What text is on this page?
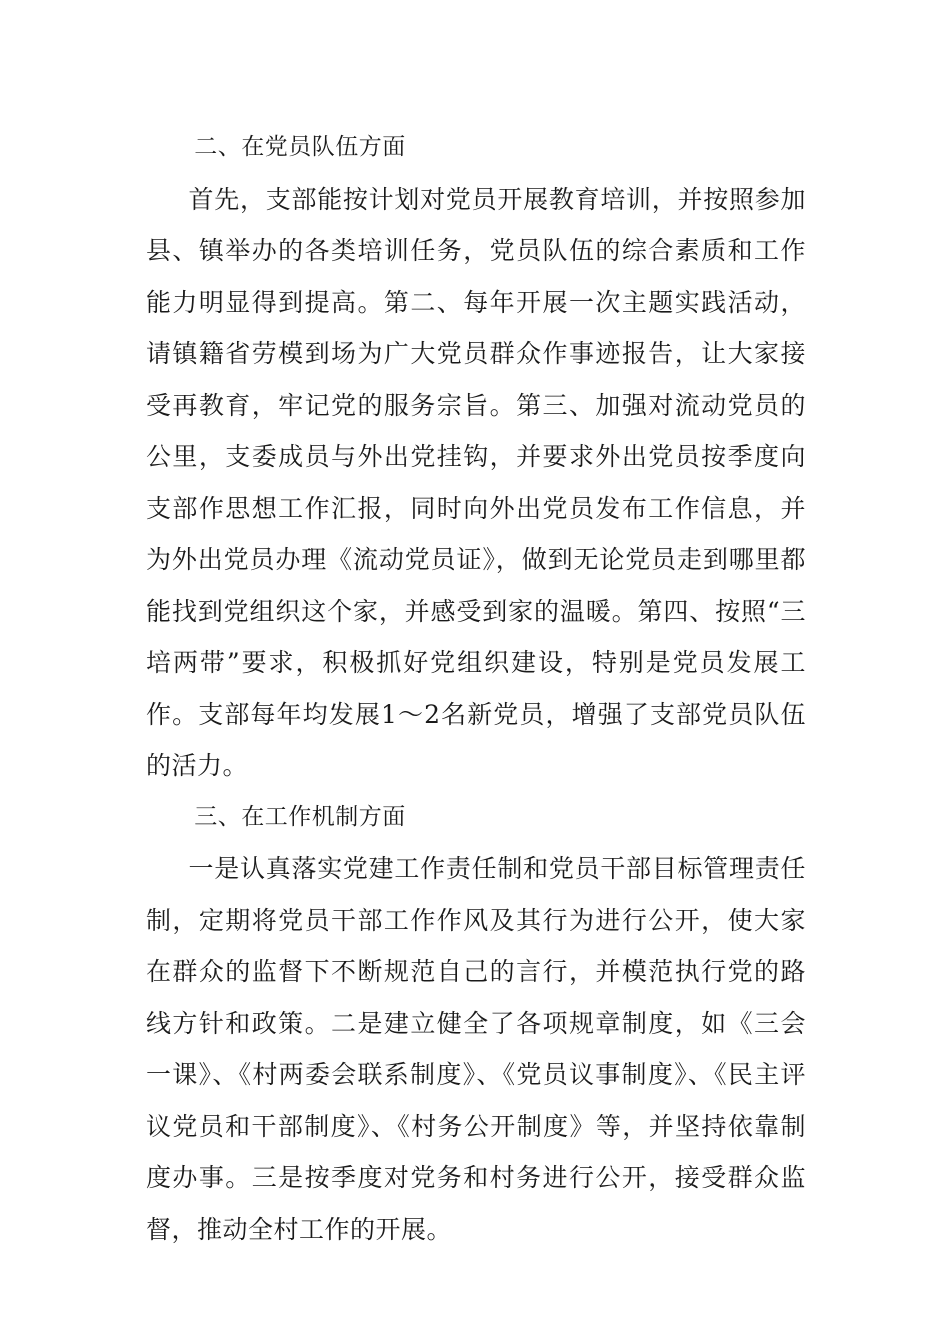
二、在党员队伍方面

首先，支部能按计划对党员开展教育培训，并按照参加县、镇举办的各类培训任务，党员队伍的综合素质和工作能力明显得到提高。第二、每年开展一次主题实践活动，请镇籍省劳模到场为广大党员群众作事迹报告，让大家接受再教育，牢记党的服务宗旨。第三、加强对流动党员的公里，支委成员与外出党挂钩，并要求外出党员按季度向支部作思想工作汇报，同时向外出党员发布工作信息，并为外出党员办理《流动党员证》，做到无论党员走到哪里都能找到党组织这个家，并感受到家的温暖。第四、按照“三培两带”要求，积极抓好党组织建设，特别是党员发展工作。支部每年均发展1～2名新党员，增强了支部党员队伍的活力。

三、在工作机制方面

一是认真落实党建工作责任制和党员干部目标管理责任制，定期将党员干部工作作风及其行为进行公开，使大家在群众的监督下不断规范自己的言行，并模范执行党的路线方针和政策。二是建立健全了各项规章制度，如《三会一课》、《村两委会联系制度》、《党员议事制度》、《民主评议党员和干部制度》、《村务公开制度》等，并坚持依靠制度办事。三是按季度对党务和村务进行公开，接受群众监督，推动全村工作的开展。
